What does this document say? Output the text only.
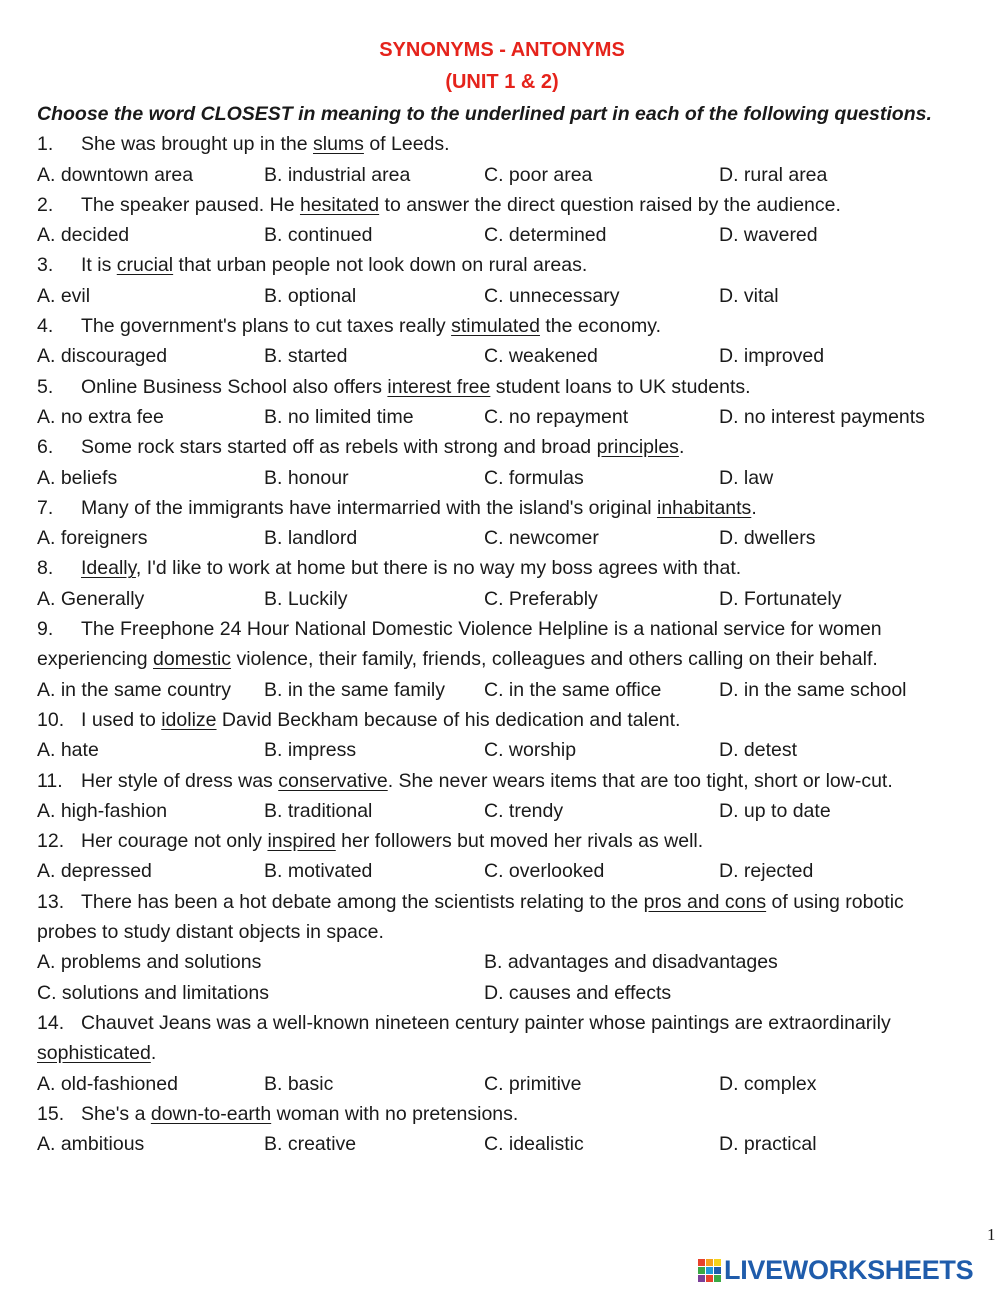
SYNONYMS - ANTONYMS
(UNIT 1 & 2)
Choose the word CLOSEST in meaning to the underlined part in each of the following questions.
1. She was brought up in the slums of Leeds.
A. downtown area	B. industrial area	C. poor area	D. rural area
2. The speaker paused. He hesitated to answer the direct question raised by the audience.
A. decided	B. continued	C. determined	D. wavered
3. It is crucial that urban people not look down on rural areas.
A. evil	B. optional	C. unnecessary	D. vital
4. The government's plans to cut taxes really stimulated the economy.
A. discouraged	B. started	C. weakened	D. improved
5. Online Business School also offers interest free student loans to UK students.
A. no extra fee	B. no limited time	C. no repayment	D. no interest payments
6. Some rock stars started off as rebels with strong and broad principles.
A. beliefs	B. honour	C. formulas	D. law
7. Many of the immigrants have intermarried with the island's original inhabitants.
A. foreigners	B. landlord	C. newcomer	D. dwellers
8. Ideally, I'd like to work at home but there is no way my boss agrees with that.
A. Generally	B. Luckily	C. Preferably	D. Fortunately
9. The Freephone 24 Hour National Domestic Violence Helpline is a national service for women experiencing domestic violence, their family, friends, colleagues and others calling on their behalf.
A. in the same country	B. in the same family	C. in the same office	D. in the same school
10. I used to idolize David Beckham because of his dedication and talent.
A. hate	B. impress	C. worship	D. detest
11. Her style of dress was conservative. She never wears items that are too tight, short or low-cut.
A. high-fashion	B. traditional	C. trendy	D. up to date
12. Her courage not only inspired her followers but moved her rivals as well.
A. depressed	B. motivated	C. overlooked	D. rejected
13. There has been a hot debate among the scientists relating to the pros and cons of using robotic probes to study distant objects in space.
A. problems and solutions	B. advantages and disadvantages
C. solutions and limitations	D. causes and effects
14. Chauvet Jeans was a well-known nineteen century painter whose paintings are extraordinarily sophisticated.
A. old-fashioned	B. basic	C. primitive	D. complex
15. She's a down-to-earth woman with no pretensions.
A. ambitious	B. creative	C. idealistic	D. practical
1
LIVEWORKSHEETS
